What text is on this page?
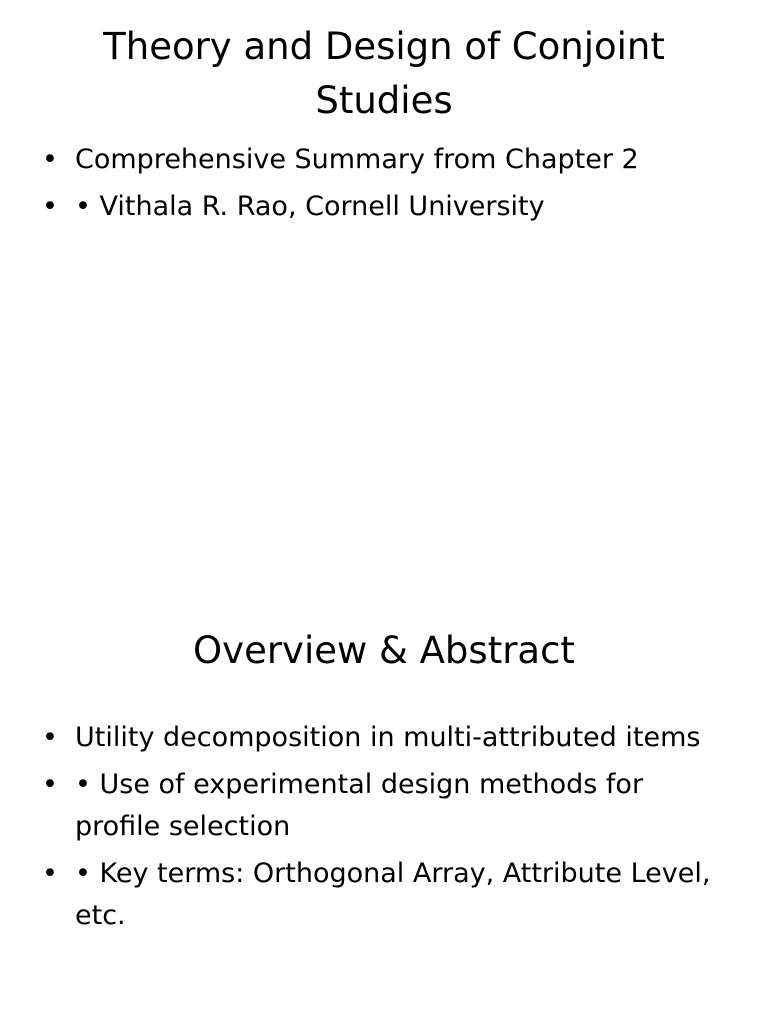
Theory and Design of Conjoint Studies
• Comprehensive Summary from Chapter 2
• • Vithala R. Rao, Cornell University
Overview & Abstract
• Utility decomposition in multi-attributed items
• • Use of experimental design methods for profile selection
• • Key terms: Orthogonal Array, Attribute Level, etc.
